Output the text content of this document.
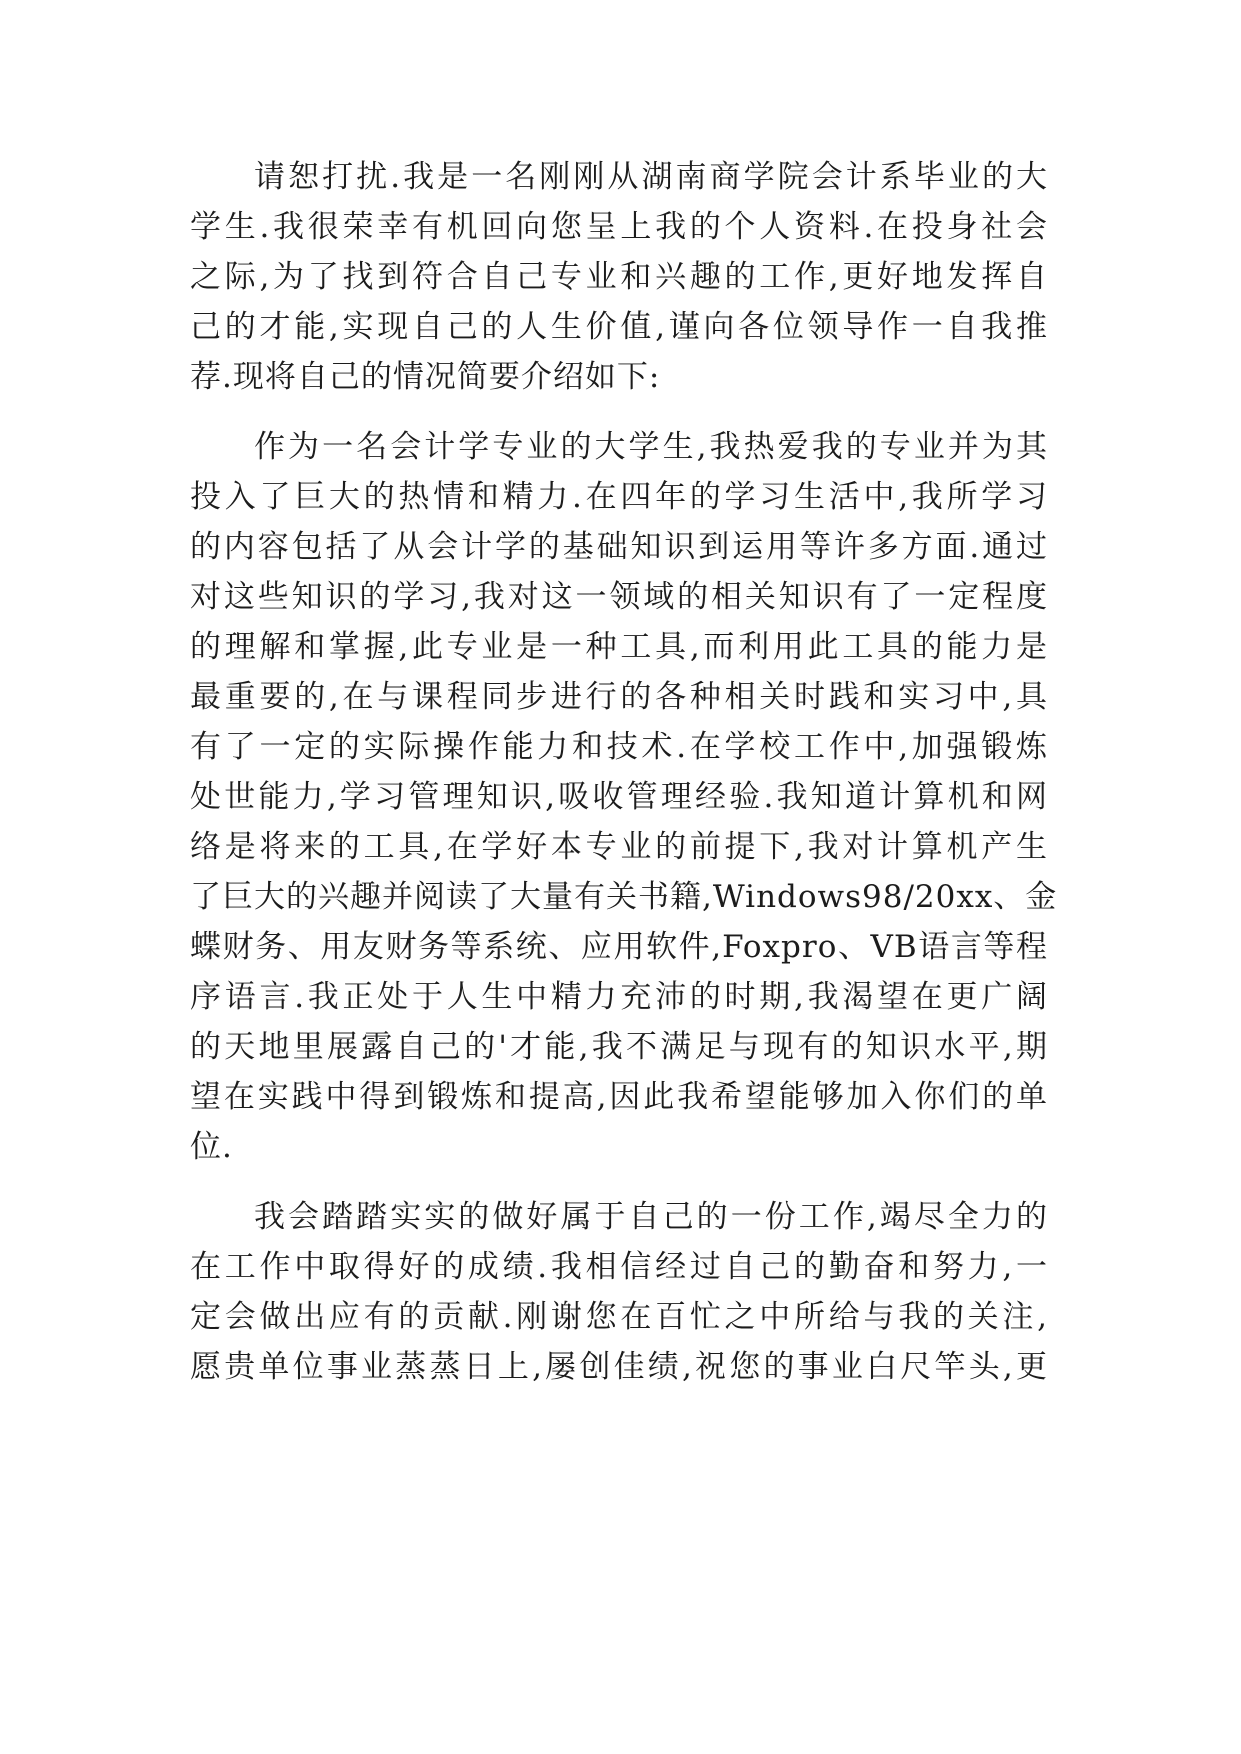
请恕打扰.我是一名刚刚从湖南商学院会计系毕业的大
学生.我很荣幸有机回向您呈上我的个人资料.在投身社会
之际,为了找到符合自己专业和兴趣的工作,更好地发挥自
己的才能,实现自己的人生价值,谨向各位领导作一自我推
荐.现将自己的情况简要介绍如下:
作为一名会计学专业的大学生,我热爱我的专业并为其
投入了巨大的热情和精力.在四年的学习生活中,我所学习
的内容包括了从会计学的基础知识到运用等许多方面.通过
对这些知识的学习,我对这一领域的相关知识有了一定程度
的理解和掌握,此专业是一种工具,而利用此工具的能力是
最重要的,在与课程同步进行的各种相关时践和实习中,具
有了一定的实际操作能力和技术.在学校工作中,加强锻炼
处世能力,学习管理知识,吸收管理经验.我知道计算机和网
络是将来的工具,在学好本专业的前提下,我对计算机产生
了巨大的兴趣并阅读了大量有关书籍,Windows98/20xx、金
蝶财务、用友财务等系统、应用软件,Foxpro、VB语言等程
序语言.我正处于人生中精力充沛的时期,我渴望在更广阔
的天地里展露自己的'才能,我不满足与现有的知识水平,期
望在实践中得到锻炼和提高,因此我希望能够加入你们的单
位.
我会踏踏实实的做好属于自己的一份工作,竭尽全力的
在工作中取得好的成绩.我相信经过自己的勤奋和努力,一
定会做出应有的贡献.刚谢您在百忙之中所给与我的关注,
愿贵单位事业蒸蒸日上,屡创佳绩,祝您的事业白尺竿头,更
